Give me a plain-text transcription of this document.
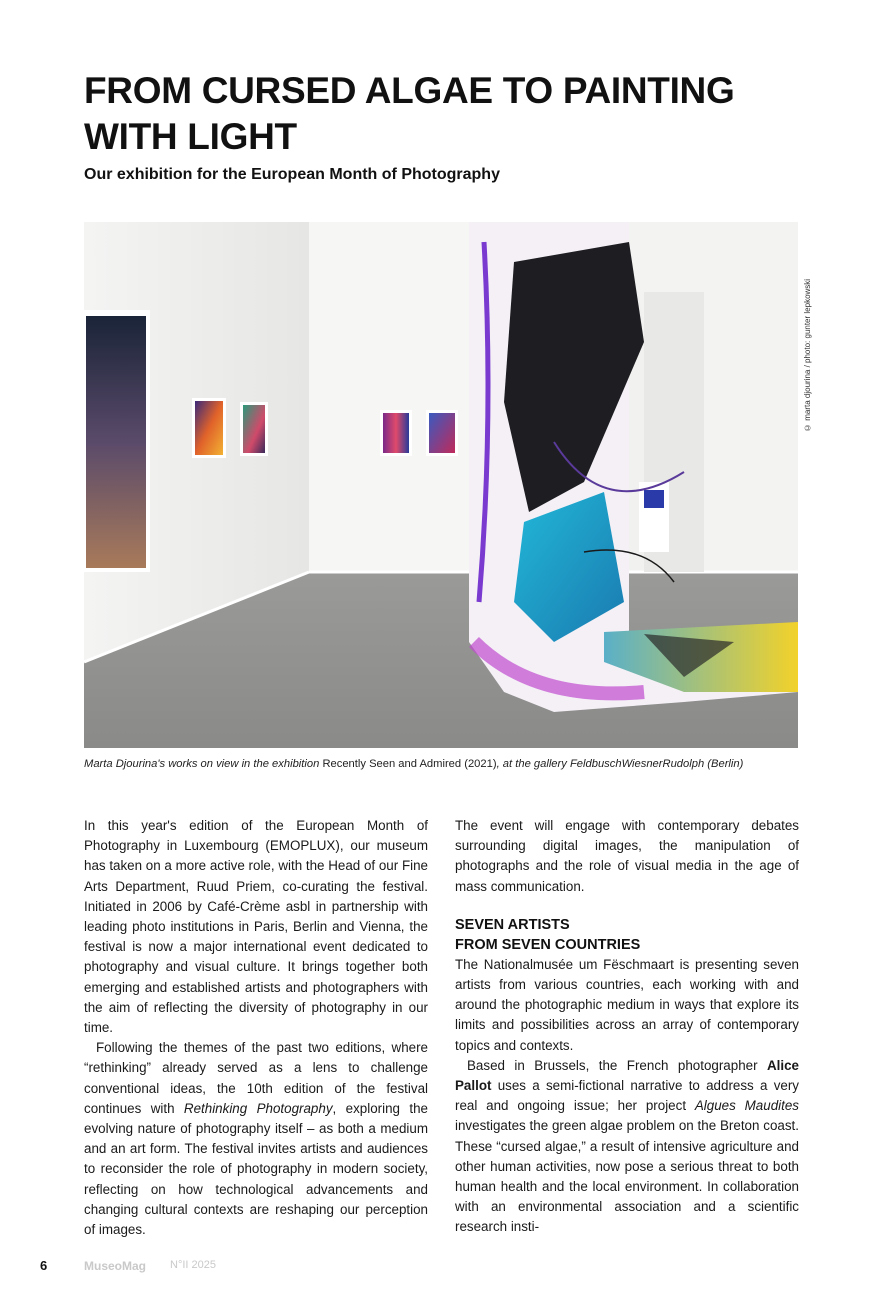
FROM CURSED ALGAE TO PAINTING
WITH LIGHT

Our exhibition for the European Month of Photography

© marta djourina / photo: gunter lepkowski

Marta Djourina's works on view in the exhibition Recently Seen and Admired (2021), at the gallery FeldbuschWiesnerRudolph (Berlin)

In this year's edition of the European Month of Photography in Luxembourg (EMOPLUX), our museum has taken on a more active role, with the Head of our Fine Arts Department, Ruud Priem, co-curating the festival. Initiated in 2006 by Café-Crème asbl in partnership with leading photo institutions in Paris, Berlin and Vienna, the festival is now a major international event dedicated to photography and visual culture. It brings together both emerging and established artists and photographers with the aim of reflecting the diversity of photography in our time.

Following the themes of the past two editions, where “rethinking” already served as a lens to challenge conventional ideas, the 10th edition of the festival continues with Rethinking Photography, exploring the evolving nature of photography itself – as both a medium and an art form. The festival invites artists and audiences to reconsider the role of photography in modern society, reflecting on how technological advancements and changing cultural contexts are reshaping our perception of images.

The event will engage with contemporary debates surrounding digital images, the manipulation of photographs and the role of visual media in the age of mass communication.

SEVEN ARTISTS
FROM SEVEN COUNTRIES

The Nationalmusée um Fëschmaart is presenting seven artists from various countries, each working with and around the photographic medium in ways that explore its limits and possibilities across an array of contemporary topics and contexts.

Based in Brussels, the French photographer Alice Pallot uses a semi-fictional narrative to address a very real and ongoing issue; her project Algues Maudites investigates the green algae problem on the Breton coast. These “cursed algae,” a result of intensive agriculture and other human activities, now pose a serious threat to both human health and the local environment. In collaboration with an environmental association and a scientific research insti-

6	MuseoMag N°II 2025
